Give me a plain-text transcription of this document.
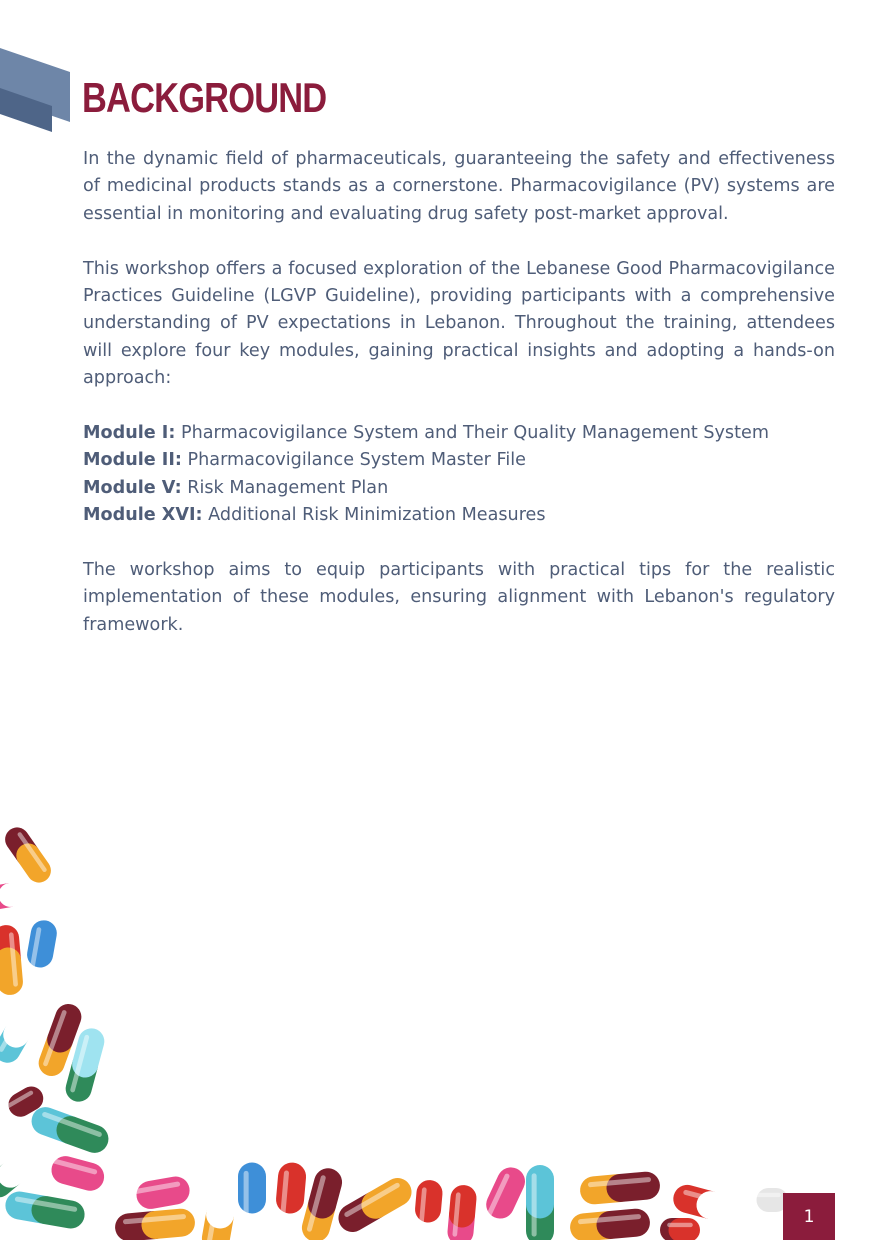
BACKGROUND

In the dynamic field of pharmaceuticals, guaranteeing the safety and effectiveness of medicinal products stands as a cornerstone. Pharmacovigilance (PV) systems are essential in monitoring and evaluating drug safety post-market approval.

This workshop offers a focused exploration of the Lebanese Good Pharmacovigilance Practices Guideline (LGVP Guideline), providing participants with a comprehensive understanding of PV expectations in Lebanon. Throughout the training, attendees will explore four key modules, gaining practical insights and adopting a hands-on approach:

Module I: Pharmacovigilance System and Their Quality Management System
Module II: Pharmacovigilance System Master File
Module V: Risk Management Plan
Module XVI: Additional Risk Minimization Measures

The workshop aims to equip participants with practical tips for the realistic implementation of these modules, ensuring alignment with Lebanon's regulatory framework.

1
